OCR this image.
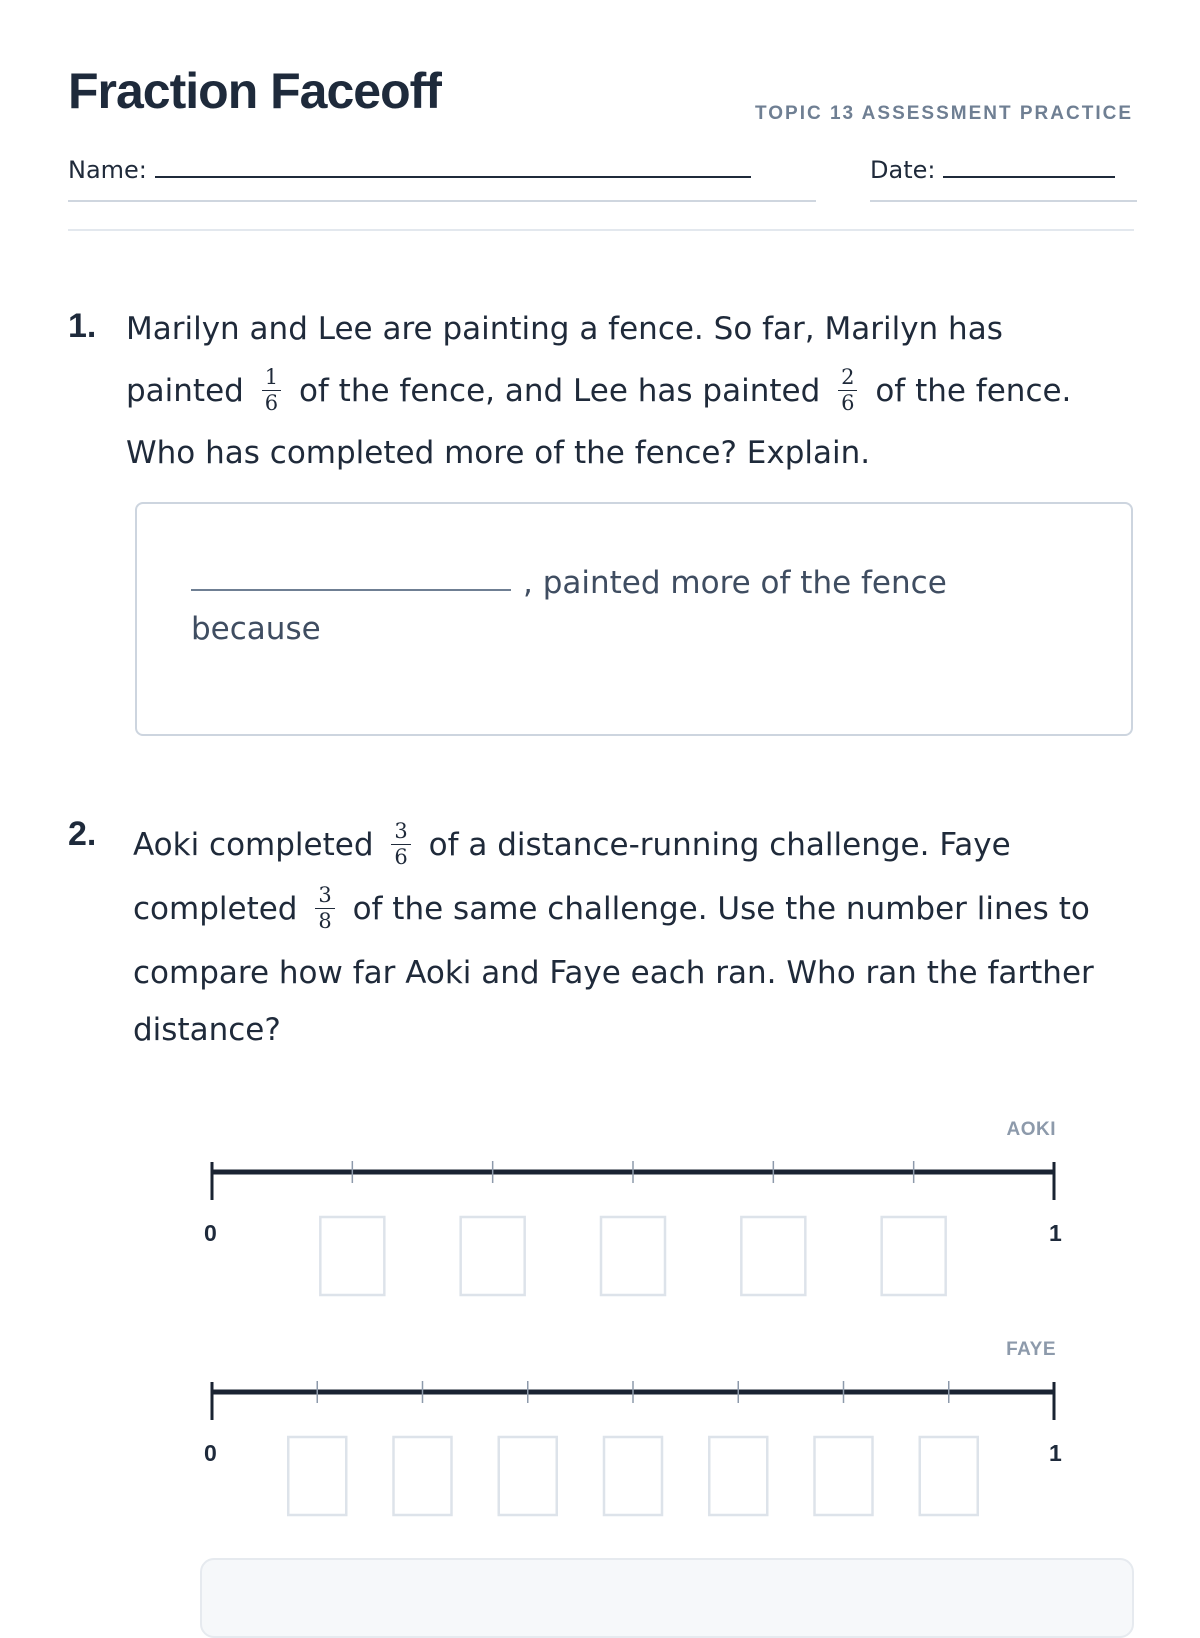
Fraction Faceoff	TOPIC 13 ASSESSMENT PRACTICE
Name:	Date:
1. Marilyn and Lee are painting a fence. So far, Marilyn has
painted $\frac{1}{6}$ of the fence, and Lee has painted $\frac{2}{6}$ of the fence.
Who has completed more of the fence? Explain.
, painted more of the fence
because
2. Aoki completed $\frac{3}{6}$ of a distance-running challenge. Faye
completed $\frac{3}{8}$ of the same challenge. Use the number lines to
compare how far Aoki and Faye each ran. Who ran the farther
distance?
AOKI
0	1
FAYE
0	1
